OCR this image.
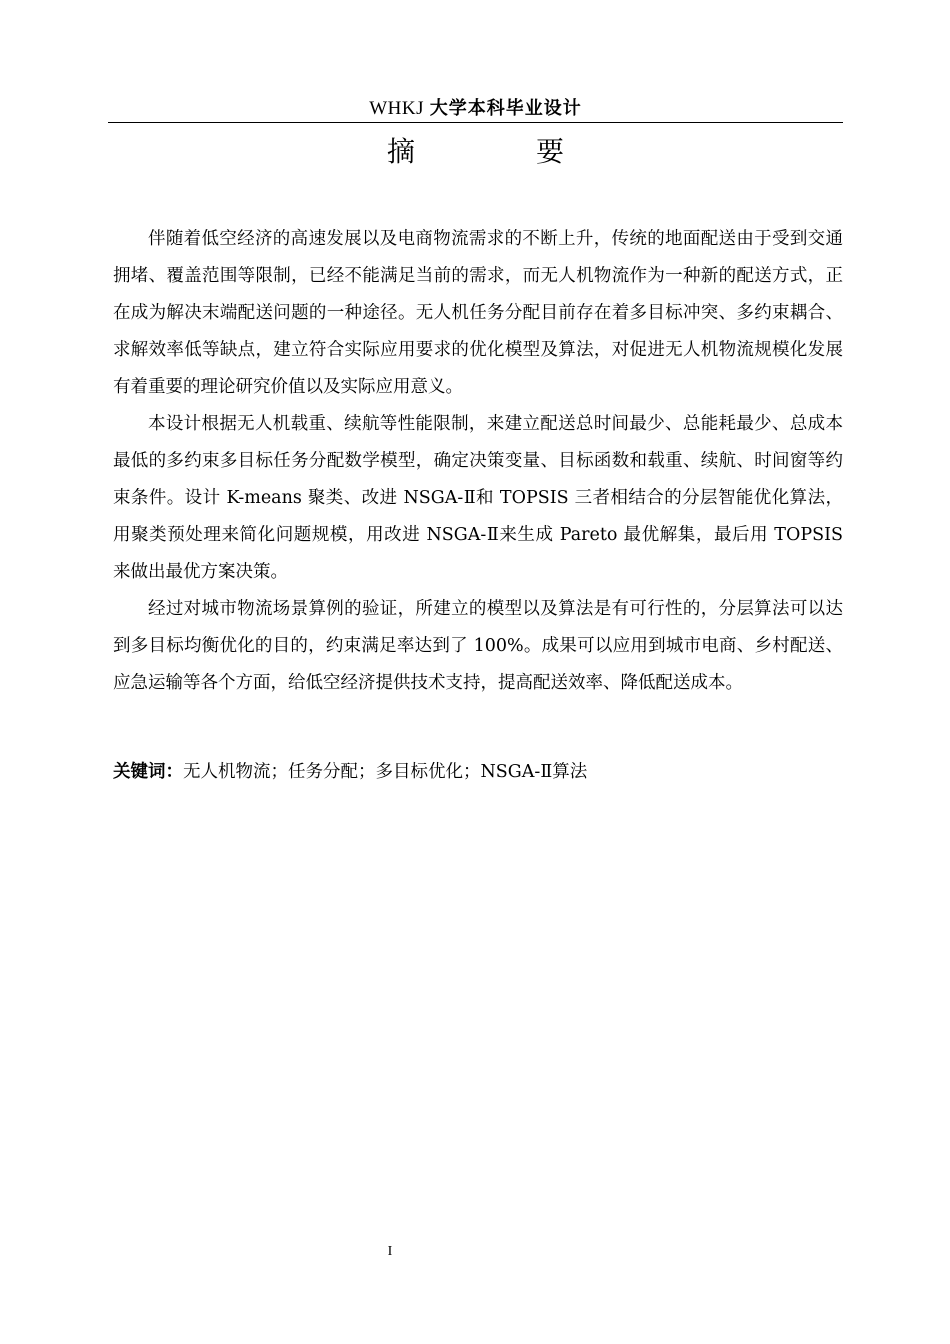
WHKJ 大学本科毕业设计
摘 要

伴随着低空经济的高速发展以及电商物流需求的不断上升，传统的地面配送由于受到交通拥堵、覆盖范围等限制，已经不能满足当前的需求，而无人机物流作为一种新的配送方式，正在成为解决末端配送问题的一种途径。无人机任务分配目前存在着多目标冲突、多约束耦合、求解效率低等缺点，建立符合实际应用要求的优化模型及算法，对促进无人机物流规模化发展有着重要的理论研究价值以及实际应用意义。

本设计根据无人机载重、续航等性能限制，来建立配送总时间最少、总能耗最少、总成本最低的多约束多目标任务分配数学模型，确定决策变量、目标函数和载重、续航、时间窗等约束条件。设计 K-means 聚类、改进 NSGA-Ⅱ和 TOPSIS 三者相结合的分层智能优化算法，用聚类预处理来简化问题规模，用改进 NSGA-Ⅱ来生成 Pareto 最优解集，最后用 TOPSIS 来做出最优方案决策。

经过对城市物流场景算例的验证，所建立的模型以及算法是有可行性的，分层算法可以达到多目标均衡优化的目的，约束满足率达到了 100%。成果可以应用到城市电商、乡村配送、应急运输等各个方面，给低空经济提供技术支持，提高配送效率、降低配送成本。

关键词：无人机物流；任务分配；多目标优化；NSGA-Ⅱ算法
I
